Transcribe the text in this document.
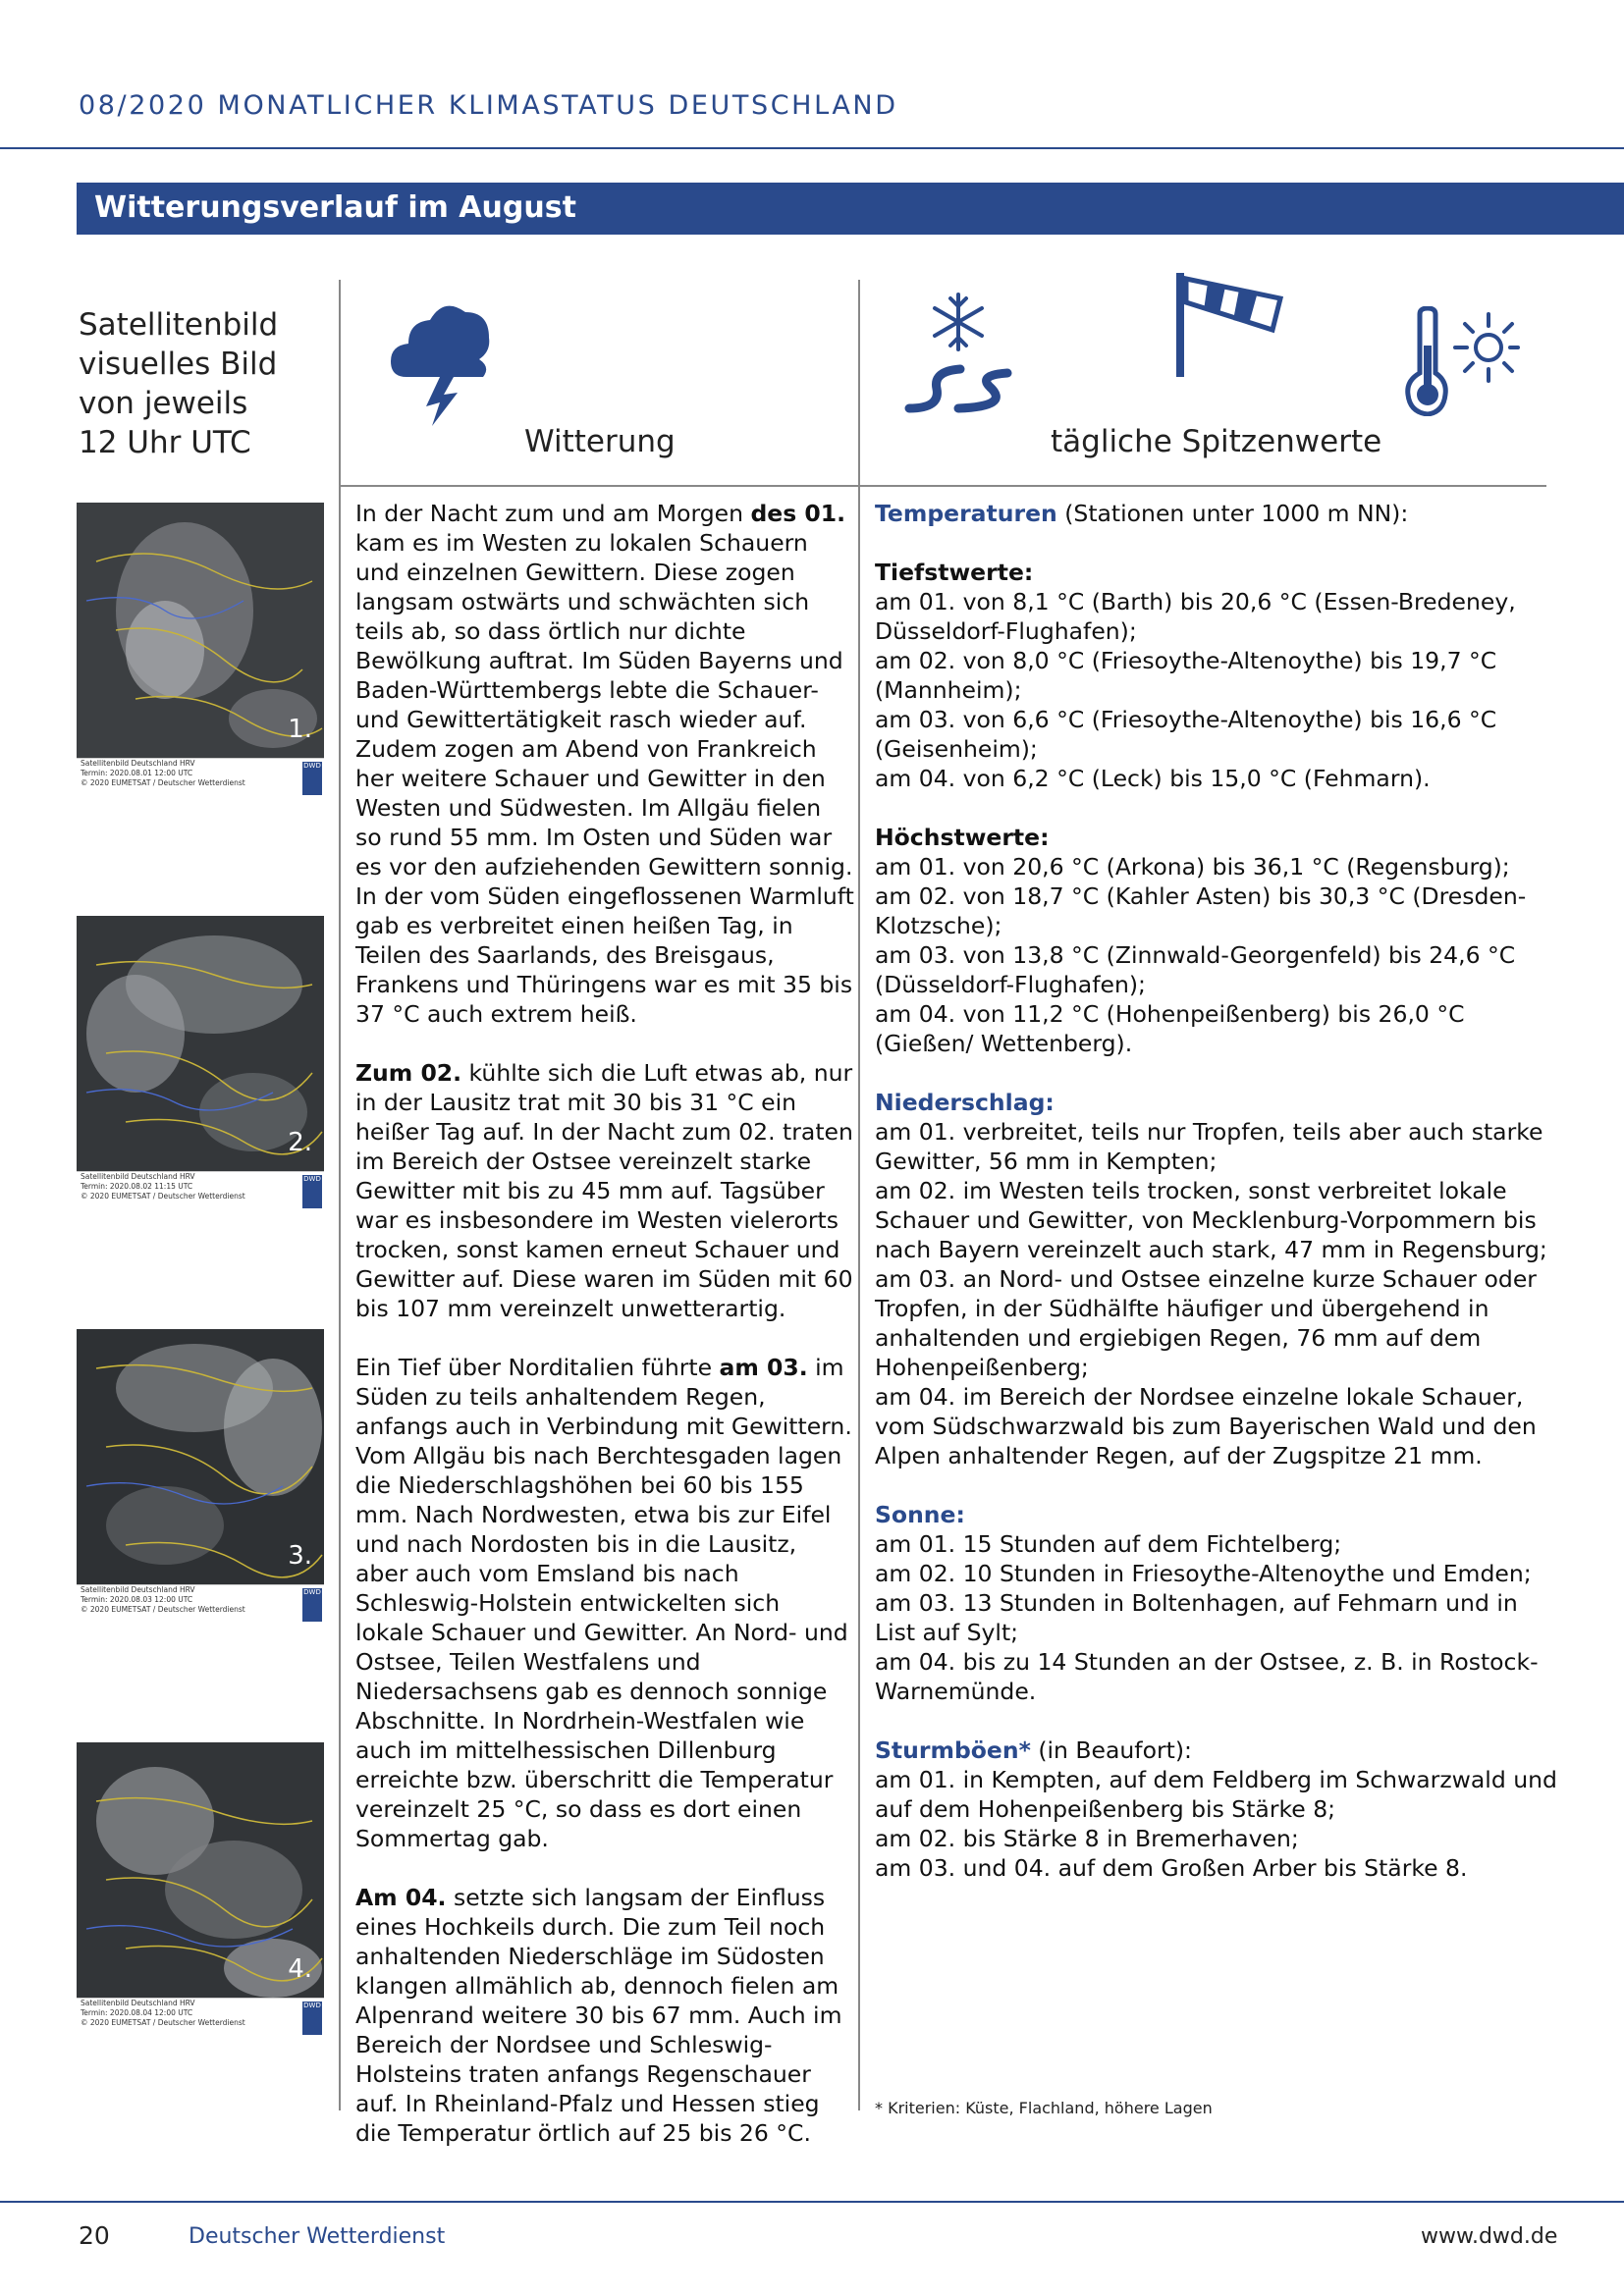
08/2020 MONATLICHER KLIMASTATUS DEUTSCHLAND
Witterungsverlauf im August
Satellitenbild
visuelles Bild
von jeweils
12 Uhr UTC	Witterung	tägliche Spitzenwerte
1.
Satellitenbild Deutschland HRV
Termin: 2020.08.01 12:00 UTC
© 2020 EUMETSAT / Deutscher Wetterdienst
DWD
2.
Satellitenbild Deutschland HRV
Termin: 2020.08.02 11:15 UTC
© 2020 EUMETSAT / Deutscher Wetterdienst
DWD
3.
Satellitenbild Deutschland HRV
Termin: 2020.08.03 12:00 UTC
© 2020 EUMETSAT / Deutscher Wetterdienst
DWD
4.
Satellitenbild Deutschland HRV
Termin: 2020.08.04 12:00 UTC
© 2020 EUMETSAT / Deutscher Wetterdienst
DWD

In der Nacht zum und am Morgen des 01. kam es im Westen zu lokalen Schauern und einzelnen Gewittern. Diese zogen langsam ostwärts und schwächten sich teils ab, so dass örtlich nur dichte Bewölkung auftrat. Im Süden Bayerns und Baden-Württembergs lebte die Schauer- und Gewittertätigkeit rasch wieder auf. Zudem zogen am Abend von Frankreich her weitere Schauer und Gewitter in den Westen und Südwesten. Im Allgäu fielen so rund 55 mm. Im Osten und Süden war es vor den aufziehenden Gewittern sonnig. In der vom Süden eingeflossenen Warmluft gab es verbreitet einen heißen Tag, in Teilen des Saarlands, des Breisgaus, Frankens und Thüringens war es mit 35 bis 37 °C auch extrem heiß.

Zum 02. kühlte sich die Luft etwas ab, nur in der Lausitz trat mit 30 bis 31 °C ein heißer Tag auf. In der Nacht zum 02. traten im Bereich der Ostsee vereinzelt starke Gewitter mit bis zu 45 mm auf. Tagsüber war es insbesondere im Westen vielerorts trocken, sonst kamen erneut Schauer und Gewitter auf. Diese waren im Süden mit 60 bis 107 mm vereinzelt unwetterartig.

Ein Tief über Norditalien führte am 03. im Süden zu teils anhaltendem Regen, anfangs auch in Verbindung mit Gewittern. Vom Allgäu bis nach Berchtesgaden lagen die Niederschlagshöhen bei 60 bis 155 mm. Nach Nordwesten, etwa bis zur Eifel und nach Nordosten bis in die Lausitz, aber auch vom Emsland bis nach Schleswig-Holstein entwickelten sich lokale Schauer und Gewitter. An Nord- und Ostsee, Teilen Westfalens und Niedersachsens gab es dennoch sonnige Abschnitte. In Nordrhein-Westfalen wie auch im mittelhessischen Dillenburg erreichte bzw. überschritt die Temperatur vereinzelt 25 °C, so dass es dort einen Sommertag gab.

Am 04. setzte sich langsam der Einfluss eines Hochkeils durch. Die zum Teil noch anhaltenden Niederschläge im Südosten klangen allmählich ab, dennoch fielen am Alpenrand weitere 30 bis 67 mm. Auch im Bereich der Nordsee und Schleswig-Holsteins traten anfangs Regenschauer auf. In Rheinland-Pfalz und Hessen stieg die Temperatur örtlich auf 25 bis 26 °C.

Temperaturen (Stationen unter 1000 m NN):

Tiefstwerte:
am 01. von 8,1 °C (Barth) bis 20,6 °C (Essen-Bredeney, Düsseldorf-Flughafen);
am 02. von 8,0 °C (Friesoythe-Altenoythe) bis 19,7 °C (Mannheim);
am 03. von 6,6 °C (Friesoythe-Altenoythe) bis 16,6 °C (Geisenheim);
am 04. von 6,2 °C (Leck) bis 15,0 °C (Fehmarn).

Höchstwerte:
am 01. von 20,6 °C (Arkona) bis 36,1 °C (Regensburg);
am 02. von 18,7 °C (Kahler Asten) bis 30,3 °C (Dresden-Klotzsche);
am 03. von 13,8 °C (Zinnwald-Georgenfeld) bis 24,6 °C (Düsseldorf-Flughafen);
am 04. von 11,2 °C (Hohenpeißenberg) bis 26,0 °C (Gießen/ Wettenberg).

Niederschlag:
am 01. verbreitet, teils nur Tropfen, teils aber auch starke Gewitter, 56 mm in Kempten;
am 02. im Westen teils trocken, sonst verbreitet lokale Schauer und Gewitter, von Mecklenburg-Vorpommern bis nach Bayern vereinzelt auch stark, 47 mm in Regensburg;
am 03. an Nord- und Ostsee einzelne kurze Schauer oder Tropfen, in der Südhälfte häufiger und übergehend in anhaltenden und ergiebigen Regen, 76 mm auf dem Hohenpeißenberg;
am 04. im Bereich der Nordsee einzelne lokale Schauer, vom Südschwarzwald bis zum Bayerischen Wald und den Alpen anhaltender Regen, auf der Zugspitze 21 mm.

Sonne:
am 01. 15 Stunden auf dem Fichtelberg;
am 02. 10 Stunden in Friesoythe-Altenoythe und Emden;
am 03. 13 Stunden in Boltenhagen, auf Fehmarn und in List auf Sylt;
am 04. bis zu 14 Stunden an der Ostsee, z. B. in Rostock-Warnemünde.

Sturmböen* (in Beaufort):
am 01. in Kempten, auf dem Feldberg im Schwarzwald und auf dem Hohenpeißenberg bis Stärke 8;
am 02. bis Stärke 8 in Bremerhaven;
am 03. und 04. auf dem Großen Arber bis Stärke 8.

* Kriterien: Küste, Flachland, höhere Lagen
20	Deutscher Wetterdienst	www.dwd.de
